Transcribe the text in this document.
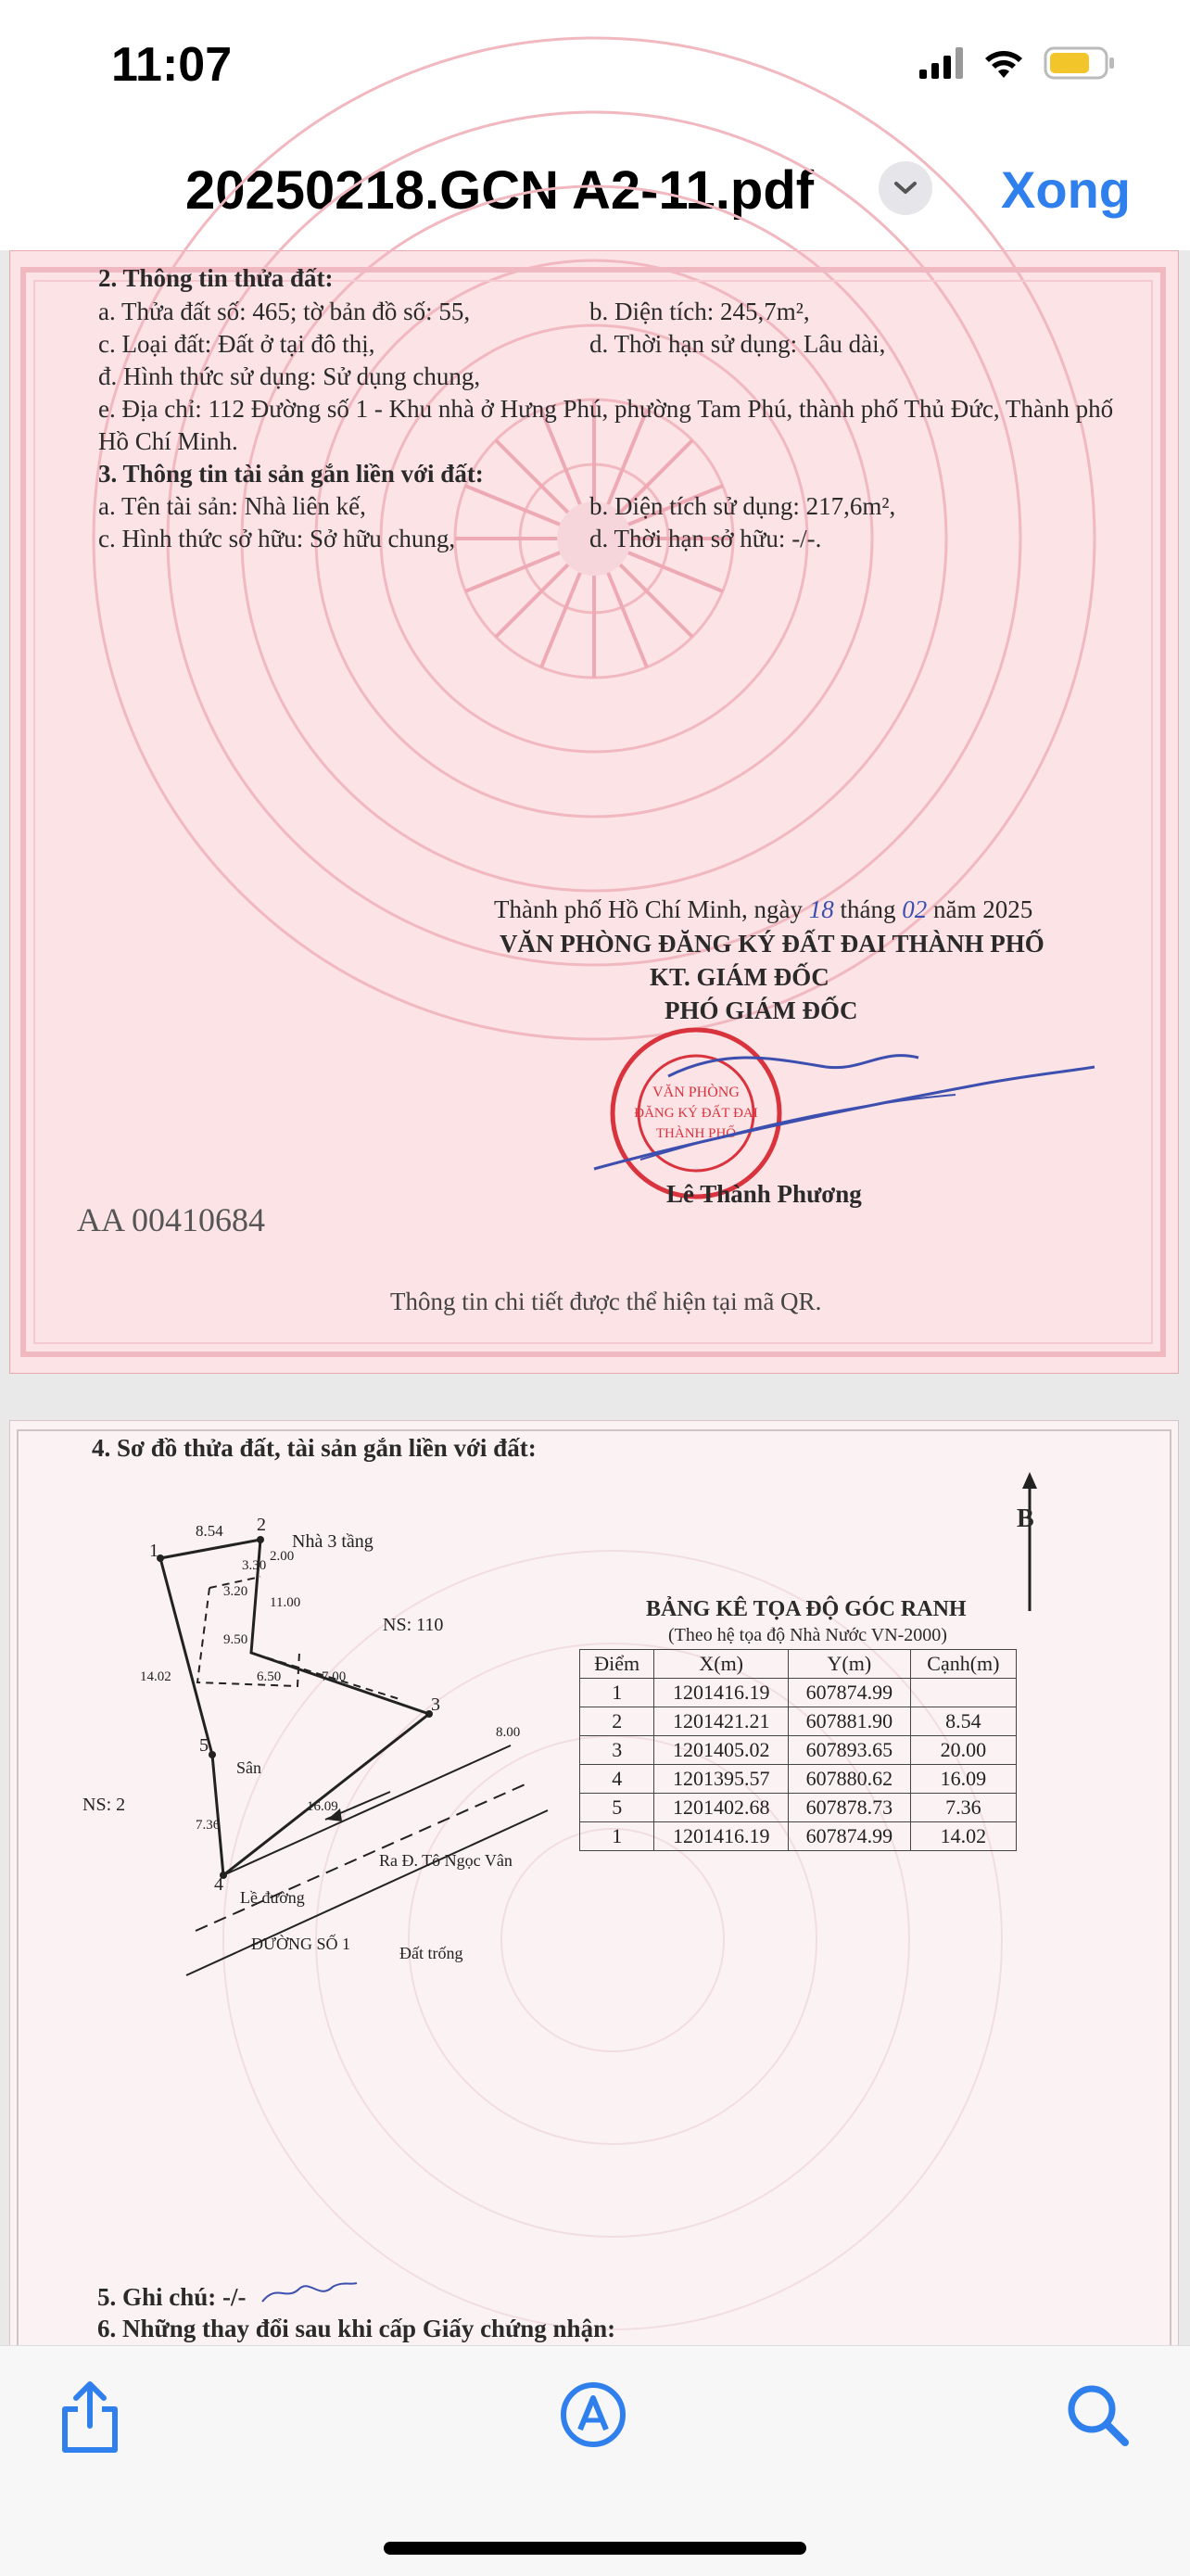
11:07
20250218.GCN A2-11.pdf	Xong
2. Thông tin thửa đất:
a. Thửa đất số: 465; tờ bản đồ số: 55,	b. Diện tích: 245,7m²,
c. Loại đất: Đất ở tại đô thị,	d. Thời hạn sử dụng: Lâu dài,
đ. Hình thức sử dụng: Sử dụng chung,
e. Địa chỉ: 112 Đường số 1 - Khu nhà ở Hưng Phú, phường Tam Phú, thành phố Thủ Đức, Thành phố
Hồ Chí Minh.
3. Thông tin tài sản gắn liền với đất:
a. Tên tài sản: Nhà liên kế,	b. Diện tích sử dụng: 217,6m²,
c. Hình thức sở hữu: Sở hữu chung,	d. Thời hạn sở hữu: -/-.
Thành phố Hồ Chí Minh, ngày 18 tháng 02 năm 2025
VĂN PHÒNG ĐĂNG KÝ ĐẤT ĐAI THÀNH PHỐ
KT. GIÁM ĐỐC
PHÓ GIÁM ĐỐC
VĂN PHÒNG
ĐĂNG KÝ ĐẤT ĐAI
THÀNH PHỐ
Lê Thành Phương
AA 00410684
Thông tin chi tiết được thể hiện tại mã QR.
4. Sơ đồ thửa đất, tài sản gắn liền với đất:
1
2
3
4
5
8.54
2.00
3.30
11.00
3.20
9.50
6.50	7.00
8.00
14.02
7.36
16.09
Nhà 3 tầng
Sân
NS: 110
NS: 2
Lề đường
ĐƯỜNG SỐ 1
Ra Đ. Tô Ngọc Vân
Đất trống
B
BẢNG KÊ TỌA ĐỘ GÓC RANH
(Theo hệ tọa độ Nhà Nước VN-2000)
Điểm	X(m)	Y(m)	Cạnh(m)
1	1201416.19	607874.99	
2	1201421.21	607881.90	8.54
3	1201405.02	607893.65	20.00
4	1201395.57	607880.62	16.09
5	1201402.68	607878.73	7.36
1	1201416.19	607874.99	14.02
5. Ghi chú: -/-
6. Những thay đổi sau khi cấp Giấy chứng nhận:
